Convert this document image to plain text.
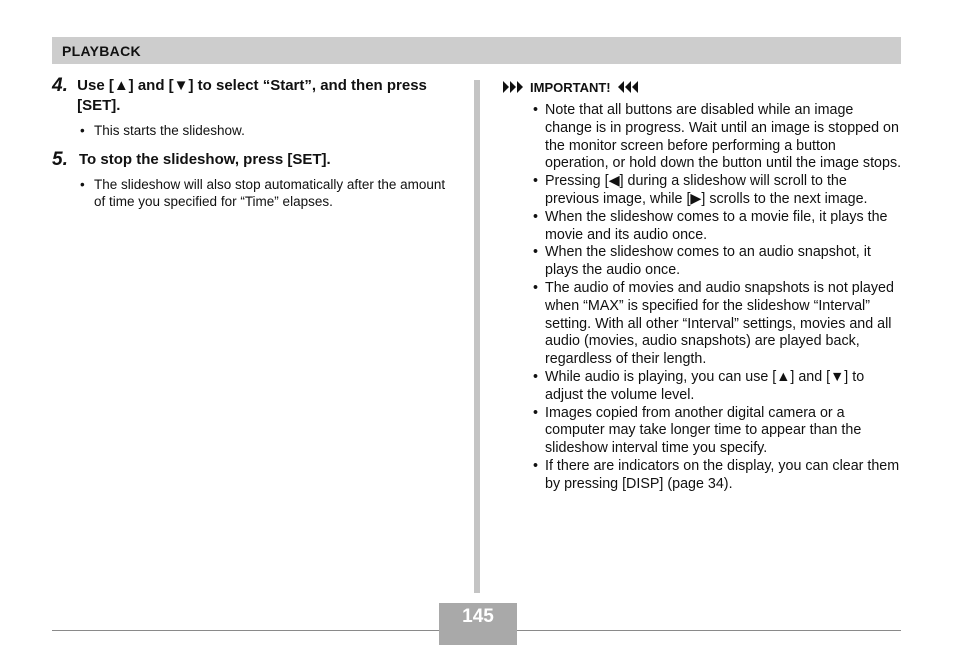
PLAYBACK
4. Use [▲] and [▼] to select “Start”, and then press [SET].
• This starts the slideshow.
5. To stop the slideshow, press [SET].
• The slideshow will also stop automatically after the amount of time you specified for “Time” elapses.
IMPORTANT!
• Note that all buttons are disabled while an image change is in progress. Wait until an image is stopped on the monitor screen before performing a button operation, or hold down the button until the image stops.
• Pressing [◀] during a slideshow will scroll to the previous image, while [▶] scrolls to the next image.
• When the slideshow comes to a movie file, it plays the movie and its audio once.
• When the slideshow comes to an audio snapshot, it plays the audio once.
• The audio of movies and audio snapshots is not played when “MAX” is specified for the slideshow “Interval” setting. With all other “Interval” settings, movies and all audio (movies, audio snapshots) are played back, regardless of their length.
• While audio is playing, you can use [▲] and [▼] to adjust the volume level.
• Images copied from another digital camera or a computer may take longer time to appear than the slideshow interval time you specify.
• If there are indicators on the display, you can clear them by pressing [DISP] (page 34).
145
